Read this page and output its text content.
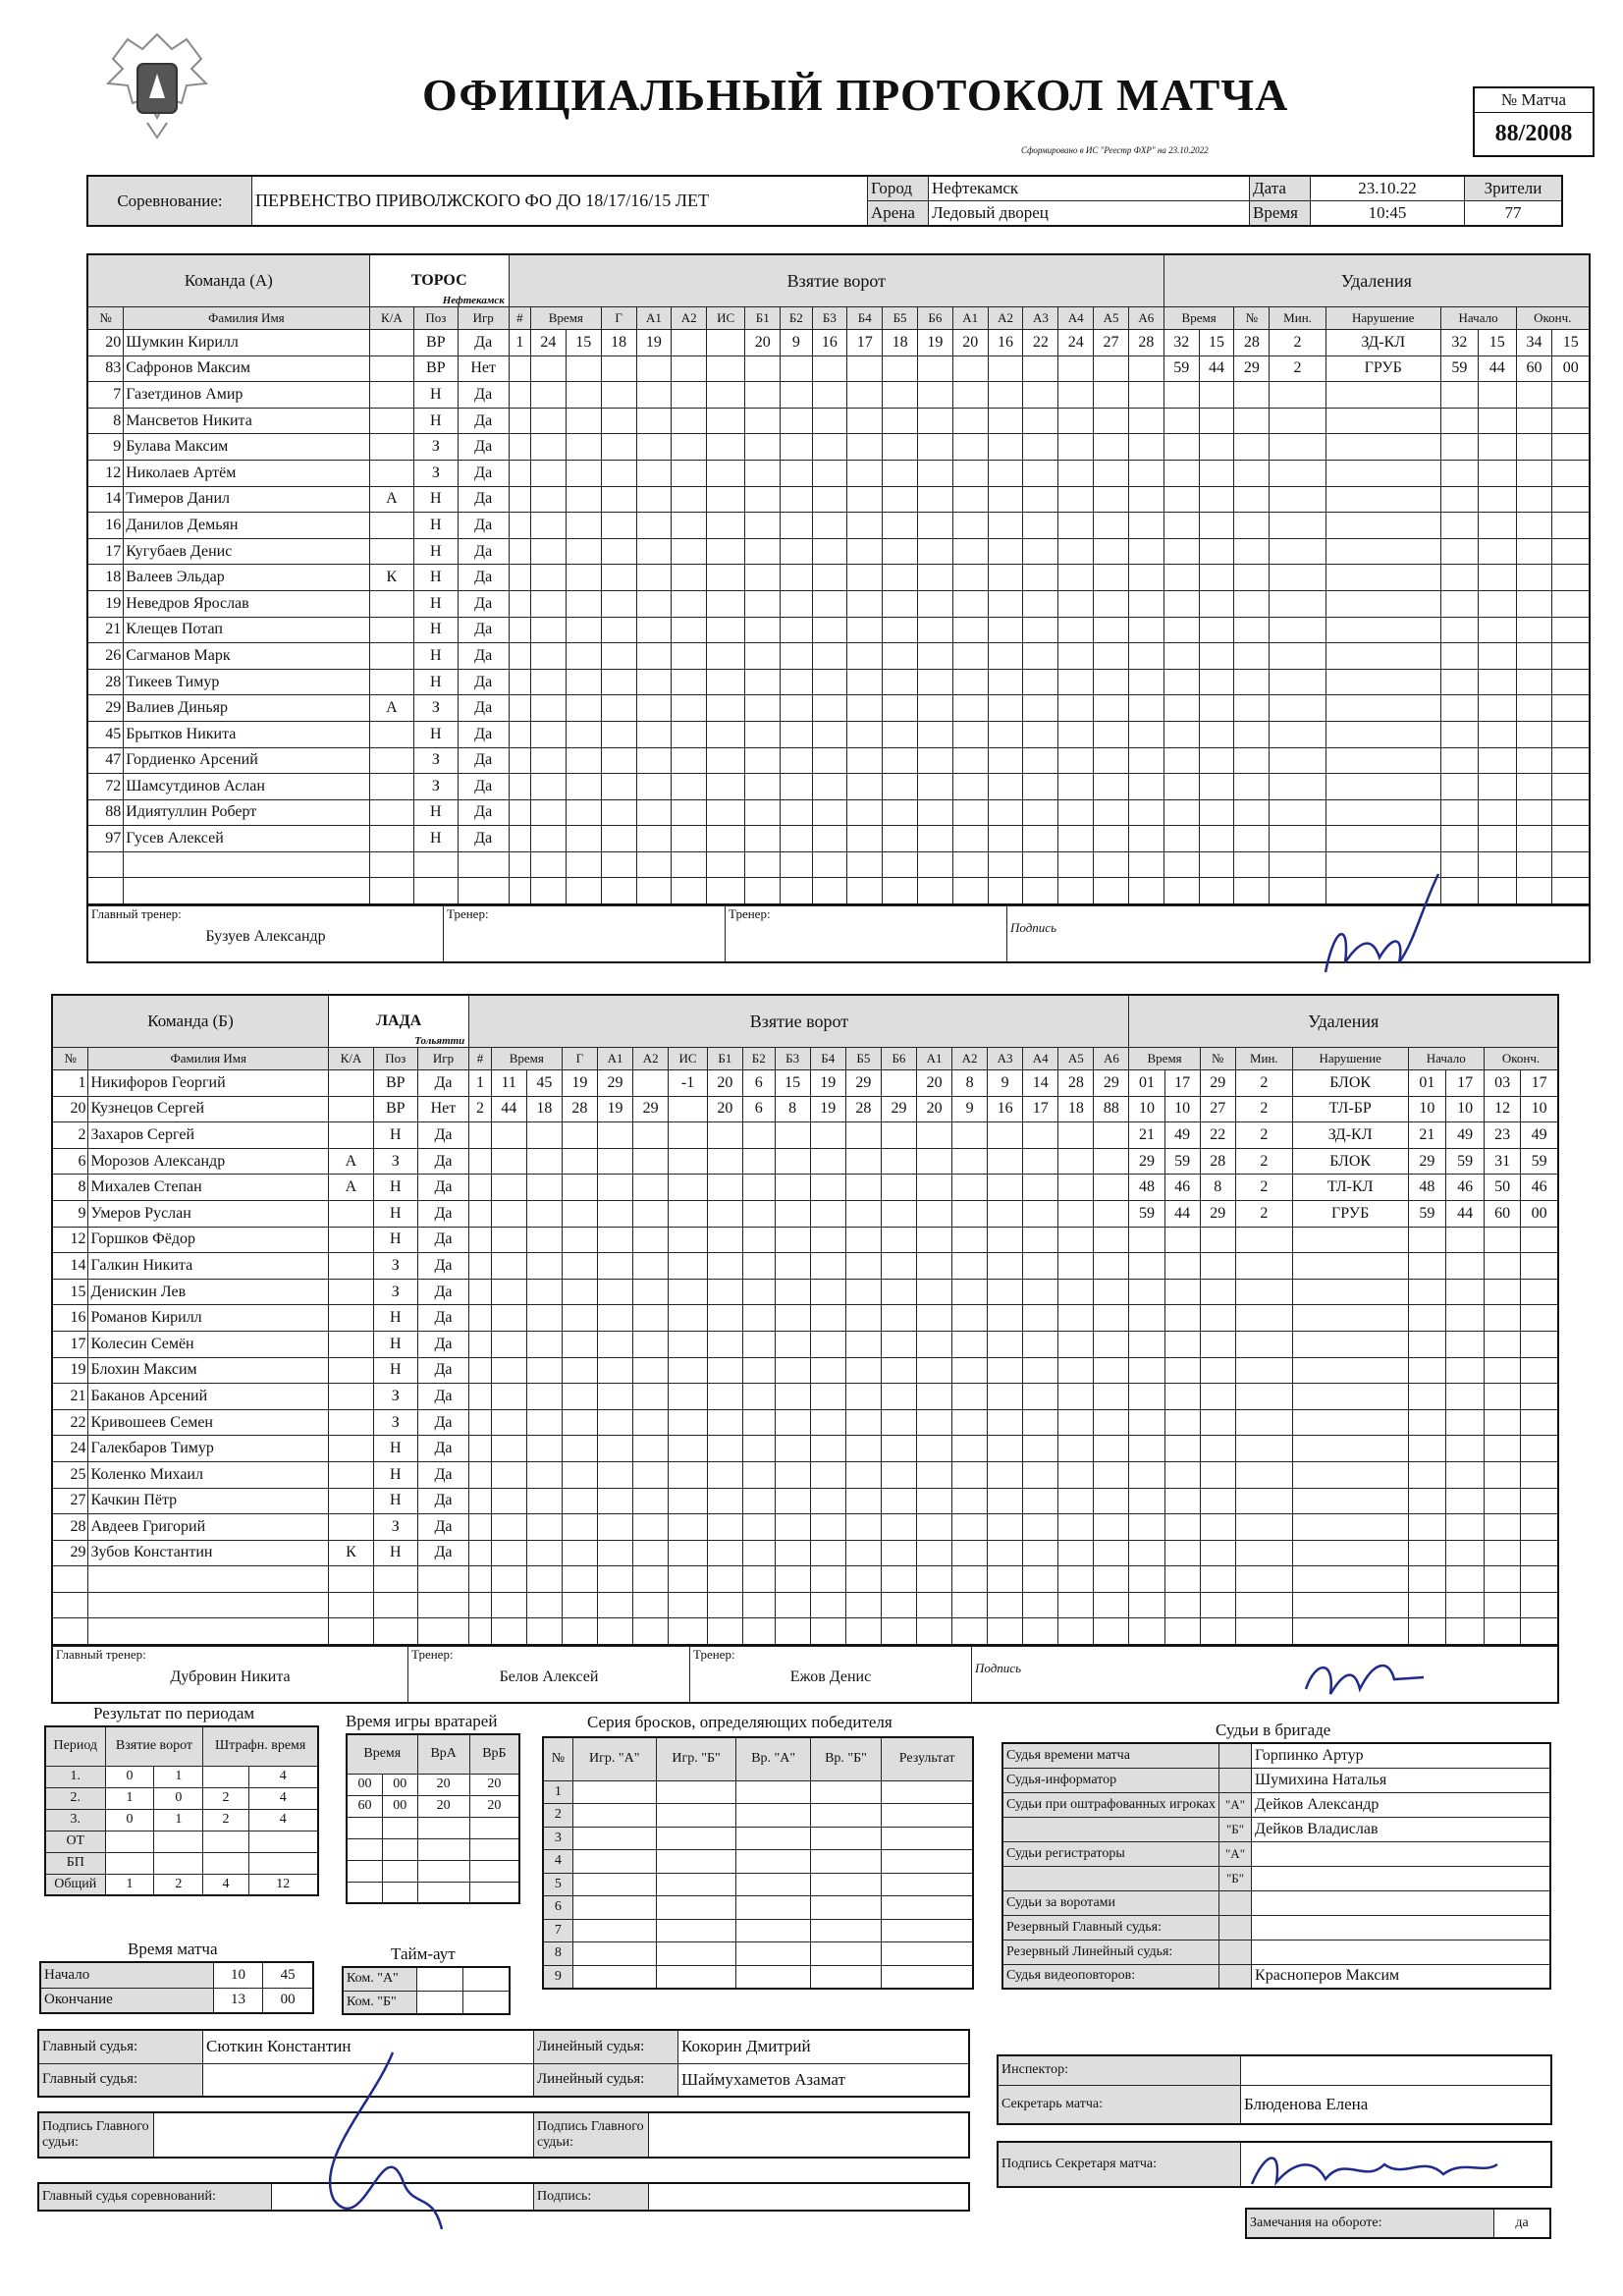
ОФИЦИАЛЬНЫЙ ПРОТОКОЛ МАТЧА
Сформировано в ИС "Реестр ФХР" на 23.10.2022
№ Матча
88/2008
Соревнование:	ПЕРВЕНСТВО ПРИВОЛЖСКОГО ФО ДО 18/17/16/15 ЛЕТ	Город	Нефтекамск	Дата	23.10.22	Зрители
		Арена	Ледовый дворец	Время	10:45	77
Команда (А)		ТОРОС
Нефтекамск			Взятие ворот																			Удаления								
№	Фамилия Имя	К/А	Поз	Игр	#	Время		Г	А1	А2	ИС	Б1	Б2	Б3	Б4	Б5	Б6	А1	А2	А3	А4	А5	А6	Время		№	Мин.	Нарушение	Начало		Оконч.	
20	Шумкин Кирилл		ВР	Да	1	24	15	18	19			20	9	16	17	18	19	20	16	22	24	27	28	32	15	28	2	ЗД-КЛ	32	15	34	15
83	Сафронов Максим		ВР	Нет																				59	44	29	2	ГРУБ	59	44	60	00
7	Газетдинов Амир		Н	Да																												
8	Мансветов Никита		Н	Да																												
9	Булава Максим		З	Да																												
12	Николаев Артём		З	Да																												
14	Тимеров Данил	А	Н	Да																												
16	Данилов Демьян		Н	Да																												
17	Кугубаев Денис		Н	Да																												
18	Валеев Эльдар	К	Н	Да																												
19	Неведров Ярослав		Н	Да																												
21	Клещев Потап		Н	Да																												
26	Сагманов Марк		Н	Да																												
28	Тикеев Тимур		Н	Да																												
29	Валиев Диньяр	А	З	Да																												
45	Брытков Никита		Н	Да																												
47	Гордиенко Арсений		З	Да																												
72	Шамсутдинов Аслан		З	Да																												
88	Идиятуллин Роберт		Н	Да																												
97	Гусев Алексей		Н	Да																												

Главный тренер:
Бузуев Александр

Тренер:	Тренер:

Подпись
Команда (Б)		ЛАДА
Тольятти			Взятие ворот																			Удаления								
№	Фамилия Имя	К/А	Поз	Игр	#	Время		Г	А1	А2	ИС	Б1	Б2	Б3	Б4	Б5	Б6	А1	А2	А3	А4	А5	А6	Время		№	Мин.	Нарушение	Начало		Оконч.	
1	Никифоров Георгий		ВР	Да	1	11	45	19	29		-1	20	6	15	19	29		20	8	9	14	28	29	01	17	29	2	БЛОК	01	17	03	17
20	Кузнецов Сергей		ВР	Нет	2	44	18	28	19	29		20	6	8	19	28	29	20	9	16	17	18	88	10	10	27	2	ТЛ-БР	10	10	12	10
2	Захаров Сергей		Н	Да																				21	49	22	2	ЗД-КЛ	21	49	23	49
6	Морозов Александр	А	З	Да																				29	59	28	2	БЛОК	29	59	31	59
8	Михалев Степан	А	Н	Да																				48	46	8	2	ТЛ-КЛ	48	46	50	46
9	Умеров Руслан		Н	Да																				59	44	29	2	ГРУБ	59	44	60	00
12	Горшков Фёдор		Н	Да																												
14	Галкин Никита		З	Да																												
15	Денискин Лев		З	Да																												
16	Романов Кирилл		Н	Да																												
17	Колесин Семён		Н	Да																												
19	Блохин Максим		Н	Да																												
21	Баканов Арсений		З	Да																												
22	Кривошеев Семен		З	Да																												
24	Галекбаров Тимур		Н	Да																												
25	Коленко Михаил		Н	Да																												
27	Качкин Пётр		Н	Да																												
28	Авдеев Григорий		З	Да																												
29	Зубов Константин	К	Н	Да																												

Главный тренер:
Дубровин Никита

Тренер:
Белов Алексей

Тренер:
Ежов Денис

Подпись
Результат по периодам
Период	Взятие ворот		Штрафн. время	
1.	0	1		4
2.	1	0	2	4
3.	0	1	2	4
ОТ				
БП				
Общий	1	2	4	12
Время игры вратарей
Время		ВрА	ВрБ
00	00	20	20
60	00	20	20

Время матча
Начало	10	45
Окончание	13	00
Тайм-аут
Ком. "А"		
Ком. "Б"		
Серия бросков, определяющих победителя
№	Игр. "А"	Игр. "Б"	Вр. "А"	Вр. "Б"	Результат
1					
2					
3					
4					
5					
6					
7					
8					
9					
Судьи в бригаде
Судья времени матча		Горпинко Артур
Судья-информатор		Шумихина Наталья
Судьи при оштрафованных игроках	"А"	Дейков Александр
	"Б"	Дейков Владислав
Судьи регистраторы	"А"	
	"Б"	
Судьи за воротами		
Резервный Главный судья:		
Резервный Линейный судья:		
Судья видеоповторов:		Красноперов Максим
Главный судья:	Сюткин Константин	Линейный судья:	Кокорин Дмитрий
Главный судья:		Линейный судья:	Шаймухаметов Азамат
Подпись Главного судьи:		Подпись Главного судьи:	
Главный судья соревнований:		Подпись:	
Инспектор:	
Секретарь матча:	Блюденова Елена
Подпись Секретаря матча:	
Замечания на обороте:	да
